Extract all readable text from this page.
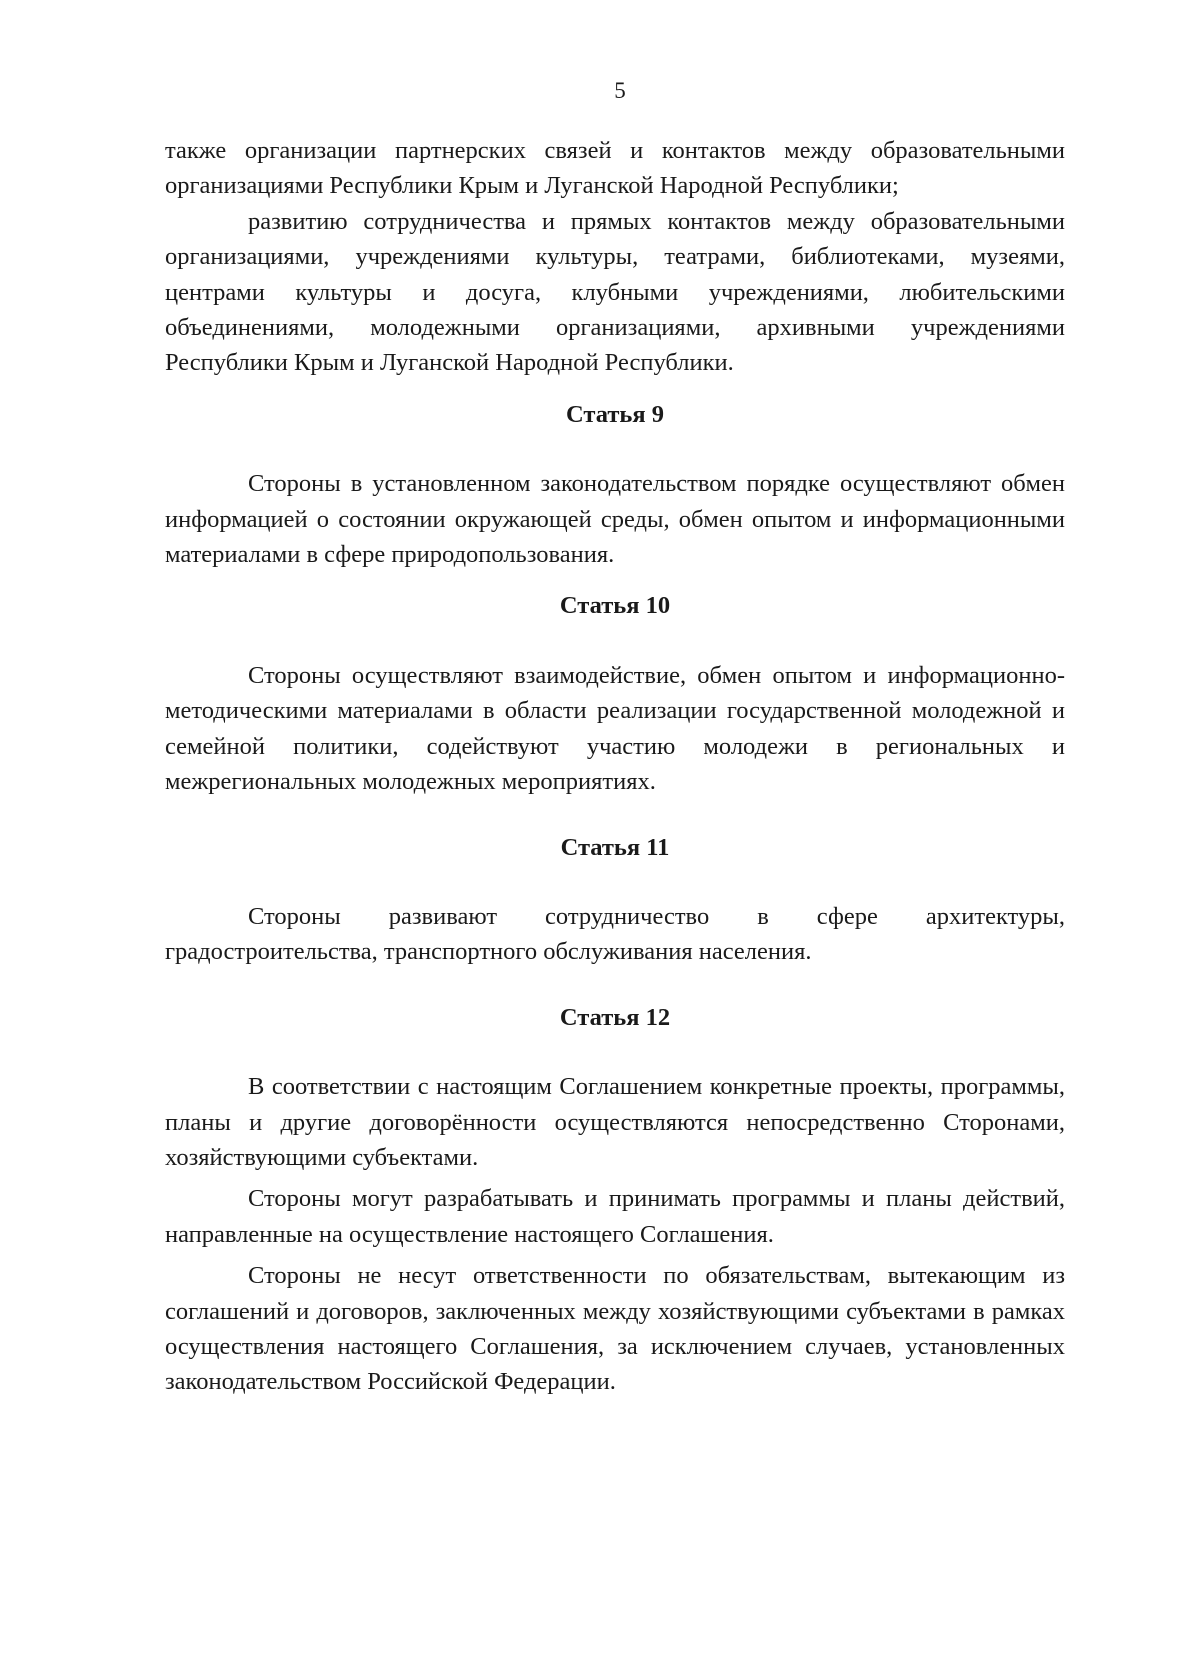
5

также организации партнерских связей и контактов между образовательными организациями Республики Крым и Луганской Народной Республики;

развитию сотрудничества и прямых контактов между образовательными организациями, учреждениями культуры, театрами, библиотеками, музеями, центрами культуры и досуга, клубными учреждениями, любительскими объединениями, молодежными организациями, архивными учреждениями Республики Крым и Луганской Народной Республики.

Статья 9

Стороны в установленном законодательством порядке осуществляют обмен информацией о состоянии окружающей среды, обмен опытом и информационными материалами в сфере природопользования.

Статья 10

Стороны осуществляют взаимодействие, обмен опытом и информационно-методическими материалами в области реализации государственной молодежной и семейной политики, содействуют участию молодежи в региональных и межрегиональных молодежных мероприятиях.

Статья 11

Стороны развивают сотрудничество в сфере архитектуры, градостроительства, транспортного обслуживания населения.

Статья 12

В соответствии с настоящим Соглашением конкретные проекты, программы, планы и другие договорённости осуществляются непосредственно Сторонами, хозяйствующими субъектами.

Стороны могут разрабатывать и принимать программы и планы действий, направленные на осуществление настоящего Соглашения.

Стороны не несут ответственности по обязательствам, вытекающим из соглашений и договоров, заключенных между хозяйствующими субъектами в рамках осуществления настоящего Соглашения, за исключением случаев, установленных законодательством Российской Федерации.
